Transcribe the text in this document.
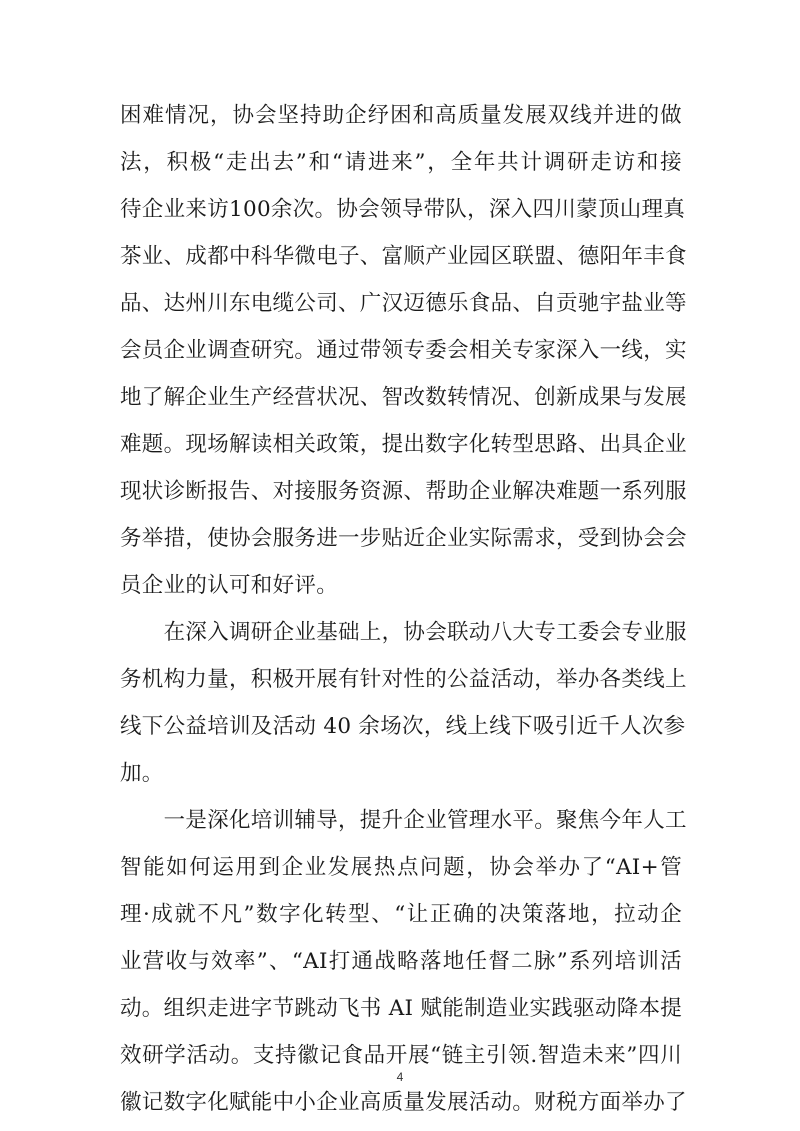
困难情况，协会坚持助企纾困和高质量发展双线并进的做
法，积极“走出去”和“请进来”，全年共计调研走访和接
待企业来访100余次。协会领导带队，深入四川蒙顶山理真
茶业、成都中科华微电子、富顺产业园区联盟、德阳年丰食
品、达州川东电缆公司、广汉迈德乐食品、自贡驰宇盐业等
会员企业调查研究。通过带领专委会相关专家深入一线，实
地了解企业生产经营状况、智改数转情况、创新成果与发展
难题。现场解读相关政策，提出数字化转型思路、出具企业
现状诊断报告、对接服务资源、帮助企业解决难题一系列服
务举措，使协会服务进一步贴近企业实际需求，受到协会会
员企业的认可和好评。
　　在深入调研企业基础上，协会联动八大专工委会专业服
务机构力量，积极开展有针对性的公益活动，举办各类线上
线下公益培训及活动 40 余场次，线上线下吸引近千人次参
加。
　　一是深化培训辅导，提升企业管理水平。聚焦今年人工
智能如何运用到企业发展热点问题，协会举办了“AI+管
理·成就不凡”数字化转型、“让正确的决策落地，拉动企
业营收与效率”、“AI打通战略落地任督二脉”系列培训活
动。组织走进字节跳动飞书 AI 赋能制造业实践驱动降本提
效研学活动。支持徽记食品开展“链主引领.智造未来”四川
徽记数字化赋能中小企业高质量发展活动。财税方面举办了
4
